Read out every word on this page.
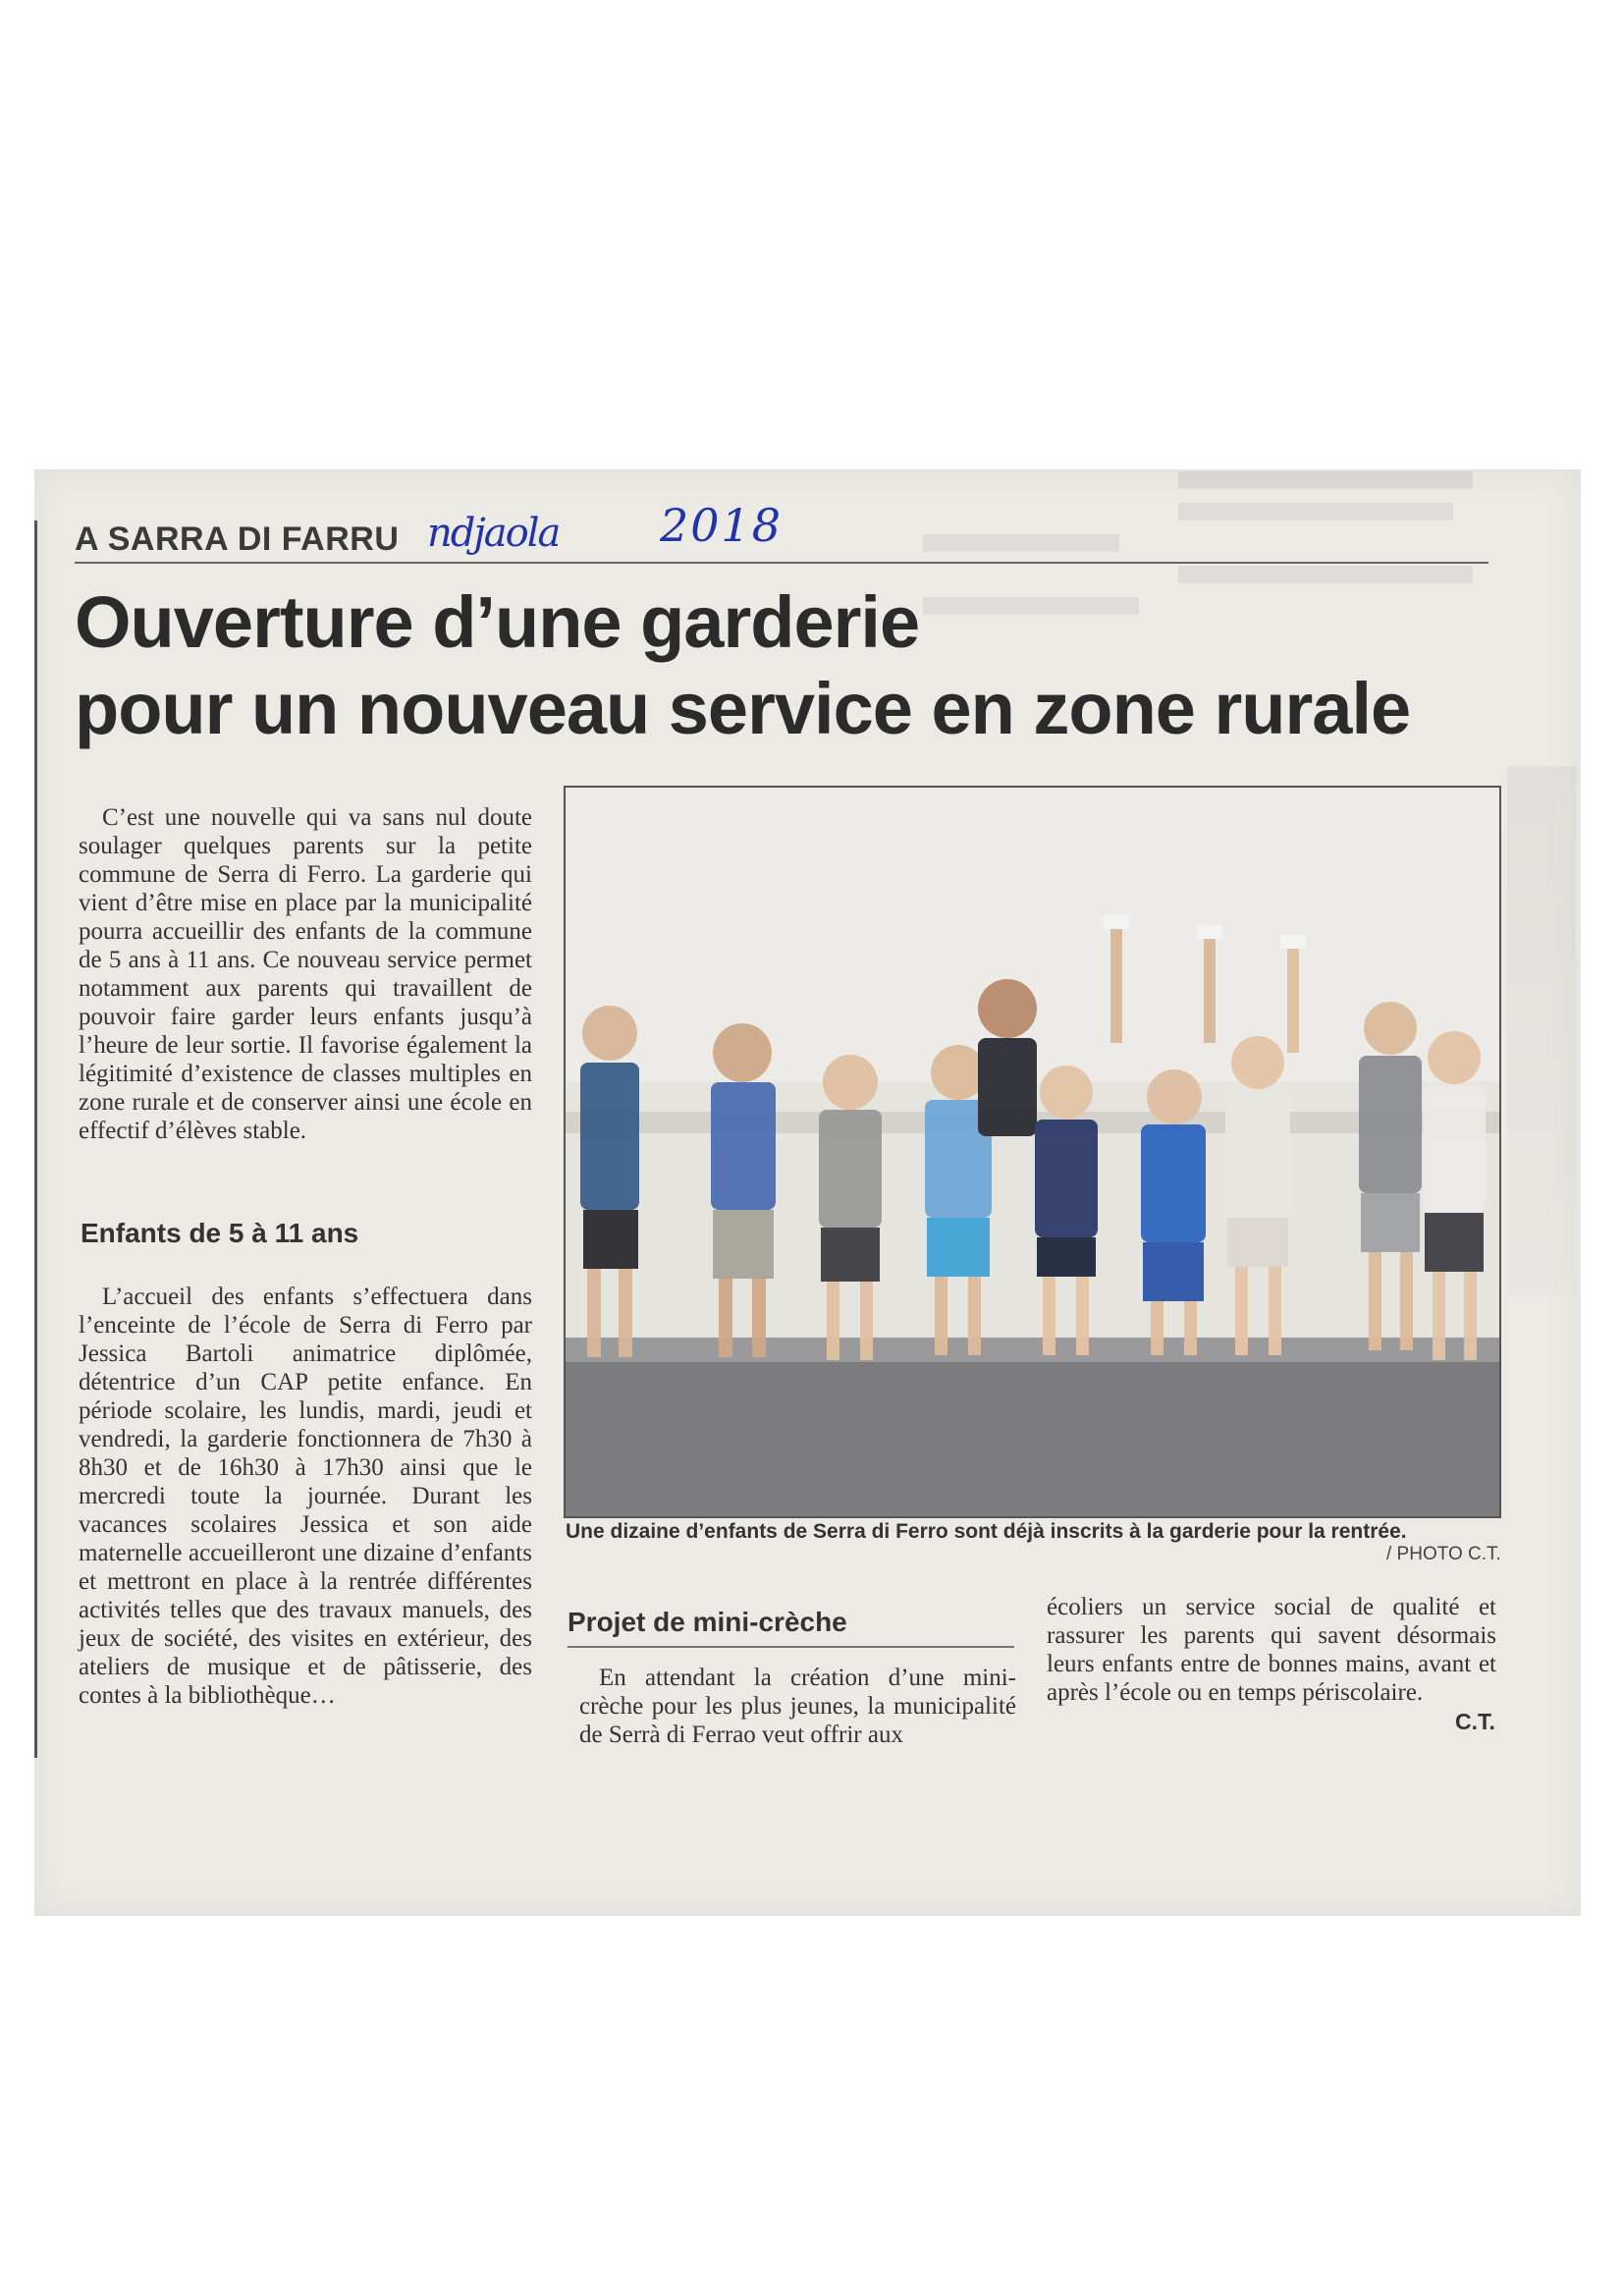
A SARRA DI FARRU ndjaola 2018
Ouverture d’une garderie
pour un nouveau service en zone rurale
C’est une nouvelle qui va sans nul doute soulager quelques parents sur la petite commune de Serra di Ferro. La garderie qui vient d’être mise en place par la municipalité pourra accueillir des enfants de la commune de 5 ans à 11 ans. Ce nouveau service permet notamment aux parents qui travaillent de pouvoir faire garder leurs enfants jusqu’à l’heure de leur sortie. Il favorise également la légitimité d’existence de classes multiples en zone rurale et de conserver ainsi une école en effectif d’élèves stable.
Enfants de 5 à 11 ans
L’accueil des enfants s’effectuera dans l’enceinte de l’école de Serra di Ferro par Jessica Bartoli animatrice diplômée, détentrice d’un CAP petite enfance. En période scolaire, les lundis, mardi, jeudi et vendredi, la garderie fonctionnera de 7h30 à 8h30 et de 16h30 à 17h30 ainsi que le mercredi toute la journée. Durant les vacances scolaires Jessica et son aide maternelle accueilleront une dizaine d’enfants et mettront en place à la rentrée différentes activités telles que des travaux manuels, des jeux de société, des visites en extérieur, des ateliers de musique et de pâtisserie, des contes à la bibliothèque…
Une dizaine d’enfants de Serra di Ferro sont déjà inscrits à la garderie pour la rentrée.
/ PHOTO C.T.
Projet de mini-crèche
En attendant la création d’une mini-crèche pour les plus jeunes, la municipalité de Serrà di Ferrao veut offrir aux
écoliers un service social de qualité et rassurer les parents qui savent désormais leurs enfants entre de bonnes mains, avant et après l’école ou en temps périscolaire.
C.T.
